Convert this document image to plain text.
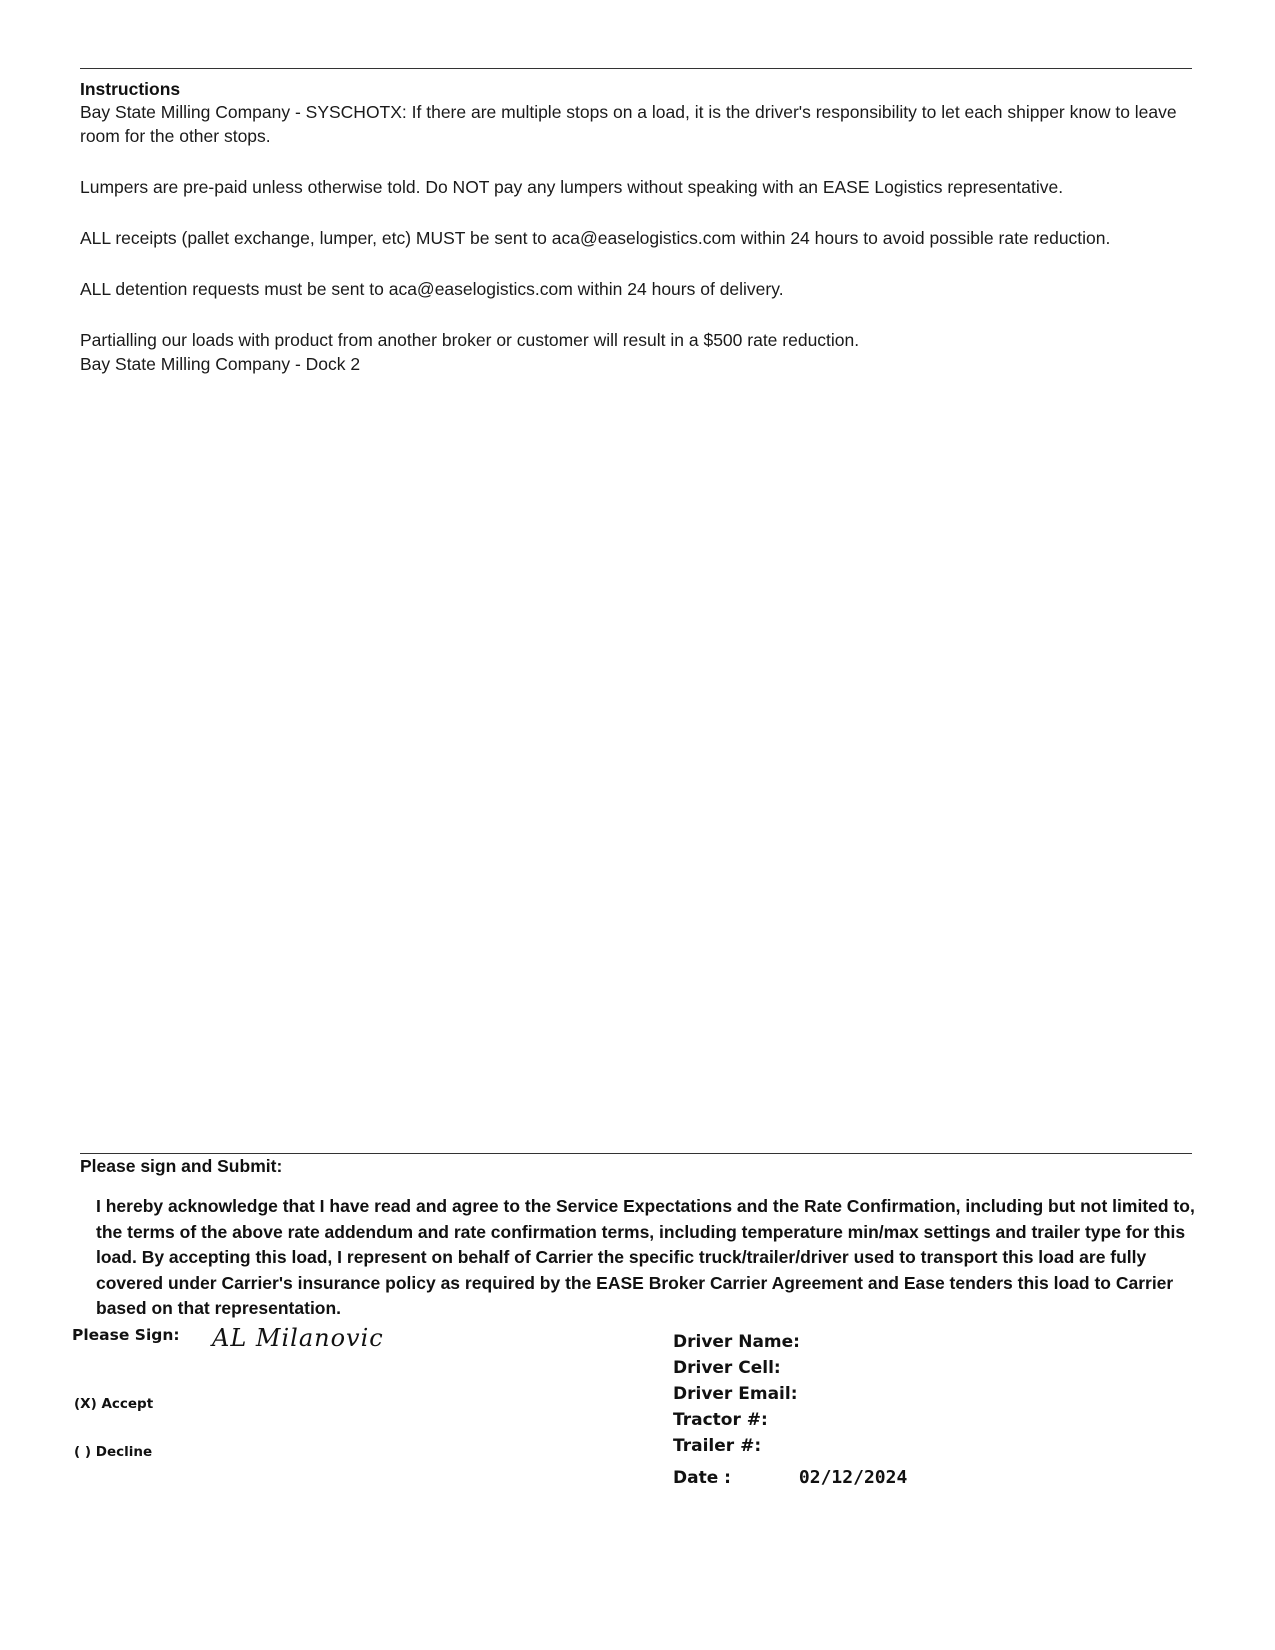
Instructions

Bay State Milling Company - SYSCHOTX: If there are multiple stops on a load, it is the driver's responsibility to let each shipper know to leave room for the other stops.

Lumpers are pre-paid unless otherwise told. Do NOT pay any lumpers without speaking with an EASE Logistics representative.

ALL receipts (pallet exchange, lumper, etc) MUST be sent to aca@easelogistics.com within 24 hours to avoid possible rate reduction.

ALL detention requests must be sent to aca@easelogistics.com within 24 hours of delivery.

Partialling our loads with product from another broker or customer will result in a $500 rate reduction.

Bay State Milling Company - Dock 2

Please sign and Submit:

I hereby acknowledge that I have read and agree to the Service Expectations and the Rate Confirmation, including but not limited to, the terms of the above rate addendum and rate confirmation terms, including temperature min/max settings and trailer type for this load. By accepting this load, I represent on behalf of Carrier the specific truck/trailer/driver used to transport this load are fully covered under Carrier's insurance policy as required by the EASE Broker Carrier Agreement and Ease tenders this load to Carrier based on that representation.

Please Sign: AL Milanovic
(X) Accept
( ) Decline
Driver Name:
Driver Cell:
Driver Email:
Tractor #:
Trailer #:
Date :	02/12/2024
